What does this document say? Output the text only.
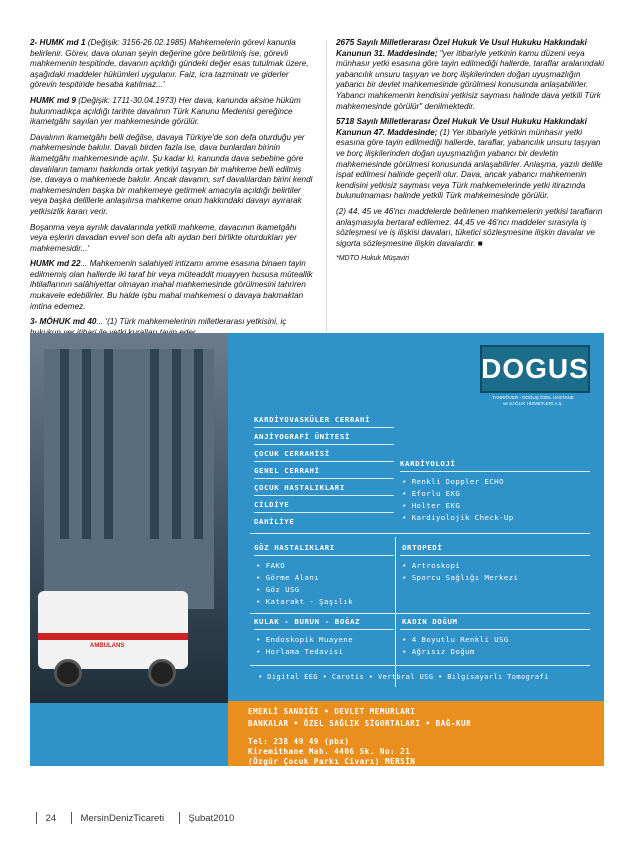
2- HUMK md 1 (Değişik: 3156-26.02.1985) Mahkemelerin görevi kanunla belirlenir. Görev, dava olunan şeyin değerine göre belirtilmiş ise, görevli mahkemenin tespitinde, davanın açıldığı gündeki değer esas tutulmak üzere, aşağıdaki maddeler hükümleri uygulanır. Faiz, icra tazminatı ve giderler görevin tespitinde hesaba katılmaz...'

HUMK md 9 (Değişik: 1711-30.04.1973) Her dava, kanunda aksine hüküm bulunmadıkça açıldığı tarihte davalının Türk Kanunu Medenisi gereğince ikametgâhı sayılan yer mahkemesinde görülür.

Davalının ikametgâhı belli değilse, davaya Türkiye'de son defa oturduğu yer mahkemesinde bakılır. Davalı birden fazla ise, dava bunlardan birinin ikametgâhı mahkemesinde açılır. Şu kadar ki, kanunda dava sebebine göre davalıların tamamı hakkında ortak yetkiyi taşıyan bir mahkeme belli edilmiş ise, davaya o mahkemede bakılır. Ancak davanın, sırf davalılardan birini kendi mahkemesinden başka bir mahkemeye getirmek amacıyla açıldığı belirtiler veya başka delillerle anlaşılırsa mahkeme onun hakkındaki davayı ayırarak yetkisizlik kararı verir.

Boşanma veya ayrılık davalarında yetkili mahkeme, davacının ikametgâhı veya eşlerin davadan evvel son defa altı aydan beri birlikte oturdukları yer mahkemesidir...'

HUMK md 22... Mahkemenin salahiyeti intizamı amme esasına binaen tayin edilmemiş olan hallerde iki taraf bir veya müteaddit muayyen hususa müteallik ihtilaflarının salâhiyettar olmayan mahal mahkemesinde görülmesini tahriren mukavele edebilirler. Bu halde işbu mahal mahkemesi o davaya bakmaktan imtina edemez.

3- MÖHUK md 40... '(1) Türk mahkemelerinin milletlerarası yetkisini, iç

2675 Sayılı Milletlerarası Özel Hukuk Ve Usul Hukuku Hakkındaki Kanunun 31. Maddesinde; "yer itibariyle yetkinin kamu düzeni veya münhasır yetki esasına göre tayin edilmediği hallerde, taraflar aralarındaki yabancılık unsuru taşıyan ve borç ilişkilerinden doğan uyuşmazlığın yabancı bir devlet mahkemesinde görülmesi konusunda anlaşabilirler. Yabancı mahkemenin kendisini yetkisiz sayması halinde dava yetkili Türk mahkemesinde görülür" denilmektedir.

5718 Sayılı Milletlerarası Özel Hukuk Ve Usul Hukuku Hakkındaki Kanunun 47. Maddesinde; (1) Yer itibariyle yetkinin münhasır yetki esasına göre tayin edilmediği hallerde, taraflar, yabancılık unsuru taşıyan ve borç ilişkilerinden doğan uyuşmazlığın yabancı bir devletin mahkemesinde görülmesi konusunda anlaşabilirler. Anlaşma, yazılı delille ispat edilmesi halinde geçerli olur. Dava, ancak yabancı mahkemenin kendisini yetkisiz sayması veya Türk mahkemelerinde yetki itirazında bulunulmaması halinde yetkili Türk mahkemesinde görülür.

(2) 44, 45 ve 46'ncı maddelerde belirlenen mahkemelerin yetkisi tarafların anlaşmasıyla bertaraf edilemez. 44,45 ve 46'ncı maddeler sırasıyla iş sözleşmesi ve iş ilişkisi davaları, tüketici sözleşmesine ilişkin davalar ve sigorta sözleşmesine ilişkin davalardır. ■

*MDTO Hukuk Müşaviri

AMBULANS
DOGUS
TANRIÖVER - DOĞUŞ ÖZEL HASTANE
ve SAĞLIK HİZMETLERİ A.Ş.
KARDİYOVASKÜLER CERRAHİ
ANJİYOGRAFİ ÜNİTESİ
ÇOCUK CERRAHİSİ
GENEL CERRAHİ
ÇOCUK HASTALIKLARI
CİLDİYE
DAHİLİYE
KARDİYOLOJİ
• Renkli Doppler ECHO
• Eforlu EKG
• Holter EKG
• Kardiyolojik Check-Up
GÖZ HASTALIKLARI
• FAKO
• Görme Alanı
• Göz USG
• Katarakt - Şaşılık
ORTOPEDİ
• Artroskopi
• Sporcu Sağlığı Merkezi
KULAK - BURUN - BOĞAZ
• Endoskopik Muayene
• Horlama Tedavisi
KADIN DOĞUM
• 4 Boyutlu Renkli USG
• Ağrısız Doğum
• Digital EEG • Carotis • Vertbral USG • Bilgisayarlı Tomografi
EMEKLİ SANDIĞI • DEVLET MEMURLARI
BANKALAR • ÖZEL SAĞLIK SİGORTALARI • BAĞ-KUR
Tel: 238 49 49 (pbx)
Kiremithane Mah. 4406 Sk. No: 21
(Özgür Çocuk Parkı Civarı) MERSİN
24	MersinDenizTicareti	Şubat2010
